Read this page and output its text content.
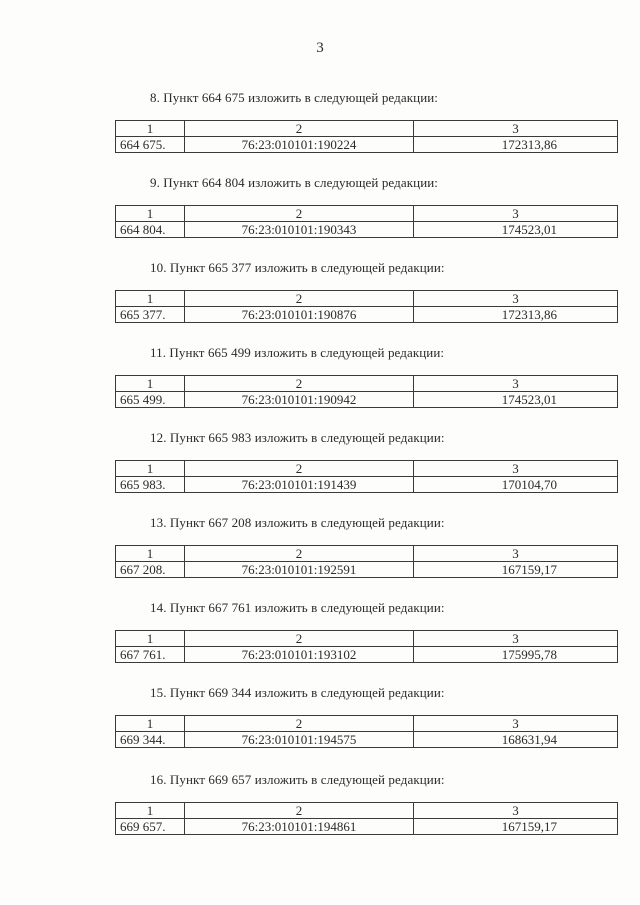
3
8. Пункт 664 675 изложить в следующей редакции:
1	2	3
664 675.	76:23:010101:190224	172313,86
9. Пункт 664 804 изложить в следующей редакции:
1	2	3
664 804.	76:23:010101:190343	174523,01
10. Пункт 665 377 изложить в следующей редакции:
1	2	3
665 377.	76:23:010101:190876	172313,86
11. Пункт 665 499 изложить в следующей редакции:
1	2	3
665 499.	76:23:010101:190942	174523,01
12. Пункт 665 983 изложить в следующей редакции:
1	2	3
665 983.	76:23:010101:191439	170104,70
13. Пункт 667 208 изложить в следующей редакции:
1	2	3
667 208.	76:23:010101:192591	167159,17
14. Пункт 667 761 изложить в следующей редакции:
1	2	3
667 761.	76:23:010101:193102	175995,78
15. Пункт 669 344 изложить в следующей редакции:
1	2	3
669 344.	76:23:010101:194575	168631,94
16. Пункт 669 657 изложить в следующей редакции:
1	2	3
669 657.	76:23:010101:194861	167159,17
